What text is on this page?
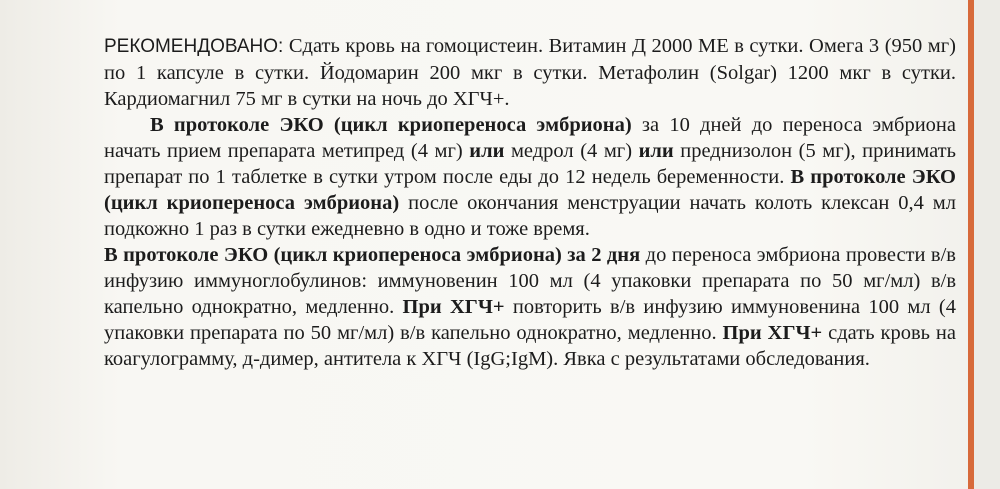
РЕКОМЕНДОВАНО: Сдать кровь на гомоцистеин. Витамин Д 2000 МЕ в сутки. Омега 3 (950 мг) по 1 капсуле в сутки. Йодомарин 200 мкг в сутки. Метафолин (Solgar) 1200 мкг в сутки. Кардиомагнил 75 мг в сутки на ночь до ХГЧ+.

В протоколе ЭКО (цикл криопереноса эмбриона) за 10 дней до переноса эмбриона начать прием препарата метипред (4 мг) или медрол (4 мг) или преднизолон (5 мг), принимать препарат по 1 таблетке в сутки утром после еды до 12 недель беременности. В протоколе ЭКО (цикл криопереноса эмбриона) после окончания менструации начать колоть клексан 0,4 мл подкожно 1 раз в сутки ежедневно в одно и тоже время.

В протоколе ЭКО (цикл криопереноса эмбриона) за 2 дня до переноса эмбриона провести в/в инфузию иммуноглобулинов: иммуновенин 100 мл (4 упаковки препарата по 50 мг/мл) в/в капельно однократно, медленно. При ХГЧ+ повторить в/в инфузию иммуновенина 100 мл (4 упаковки препарата по 50 мг/мл) в/в капельно однократно, медленно. При ХГЧ+ сдать кровь на коагулограмму, д-димер, антитела к ХГЧ (IgG;IgM). Явка с результатами обследования.
